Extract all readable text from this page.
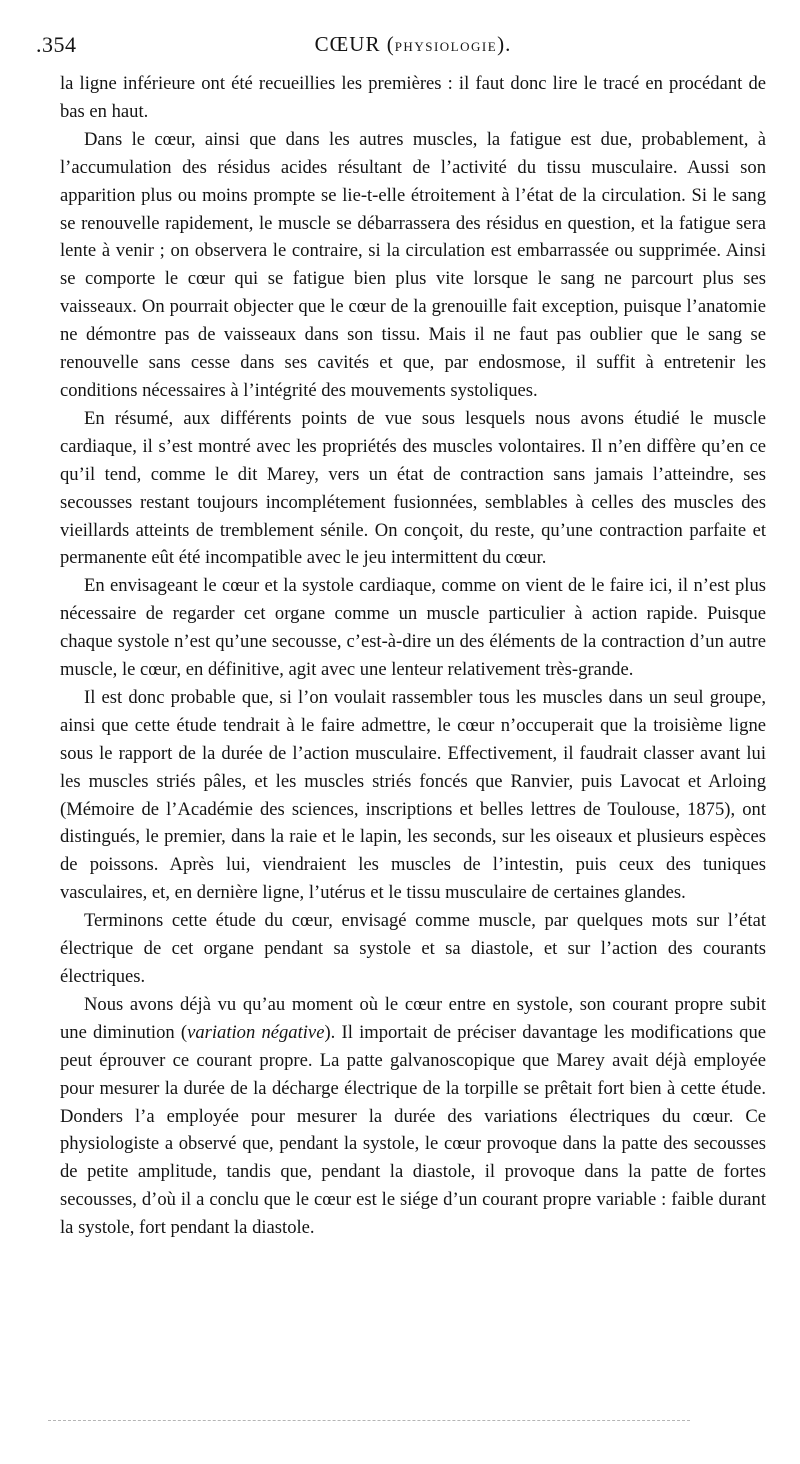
.354	CŒUR (PHYSIOLOGIE).

la ligne inférieure ont été recueillies les premières : il faut donc lire le tracé en procédant de bas en haut.

Dans le cœur, ainsi que dans les autres muscles, la fatigue est due, probablement, à l’accumulation des résidus acides résultant de l’activité du tissu musculaire. Aussi son apparition plus ou moins prompte se lie-t-elle étroitement à l’état de la circulation. Si le sang se renouvelle rapidement, le muscle se débarrassera des résidus en question, et la fatigue sera lente à venir ; on observera le contraire, si la circulation est embarrassée ou supprimée. Ainsi se comporte le cœur qui se fatigue bien plus vite lorsque le sang ne parcourt plus ses vaisseaux. On pourrait objecter que le cœur de la grenouille fait exception, puisque l’anatomie ne démontre pas de vaisseaux dans son tissu. Mais il ne faut pas oublier que le sang se renouvelle sans cesse dans ses cavités et que, par endosmose, il suffit à entretenir les conditions nécessaires à l’intégrité des mouvements systoliques.

En résumé, aux différents points de vue sous lesquels nous avons étudié le muscle cardiaque, il s’est montré avec les propriétés des muscles volontaires. Il n’en diffère qu’en ce qu’il tend, comme le dit Marey, vers un état de contraction sans jamais l’atteindre, ses secousses restant toujours incomplétement fusionnées, semblables à celles des muscles des vieillards atteints de tremblement sénile. On conçoit, du reste, qu’une contraction parfaite et permanente eût été incompatible avec le jeu intermittent du cœur.

En envisageant le cœur et la systole cardiaque, comme on vient de le faire ici, il n’est plus nécessaire de regarder cet organe comme un muscle particulier à action rapide. Puisque chaque systole n’est qu’une secousse, c’est-à-dire un des éléments de la contraction d’un autre muscle, le cœur, en définitive, agit avec une lenteur relativement très-grande.

Il est donc probable que, si l’on voulait rassembler tous les muscles dans un seul groupe, ainsi que cette étude tendrait à le faire admettre, le cœur n’occuperait que la troisième ligne sous le rapport de la durée de l’action musculaire. Effectivement, il faudrait classer avant lui les muscles striés pâles, et les muscles striés foncés que Ranvier, puis Lavocat et Arloing (Mémoire de l’Académie des sciences, inscriptions et belles lettres de Toulouse, 1875), ont distingués, le premier, dans la raie et le lapin, les seconds, sur les oiseaux et plusieurs espèces de poissons. Après lui, viendraient les muscles de l’intestin, puis ceux des tuniques vasculaires, et, en dernière ligne, l’utérus et le tissu musculaire de certaines glandes.

Terminons cette étude du cœur, envisagé comme muscle, par quelques mots sur l’état électrique de cet organe pendant sa systole et sa diastole, et sur l’action des courants électriques.

Nous avons déjà vu qu’au moment où le cœur entre en systole, son courant propre subit une diminution (variation négative). Il importait de préciser davantage les modifications que peut éprouver ce courant propre. La patte galvanoscopique que Marey avait déjà employée pour mesurer la durée de la décharge électrique de la torpille se prêtait fort bien à cette étude. Donders l’a employée pour mesurer la durée des variations électriques du cœur. Ce physiologiste a observé que, pendant la systole, le cœur provoque dans la patte des secousses de petite amplitude, tandis que, pendant la diastole, il provoque dans la patte de fortes secousses, d’où il a conclu que le cœur est le siége d’un courant propre variable : faible durant la systole, fort pendant la diastole.
